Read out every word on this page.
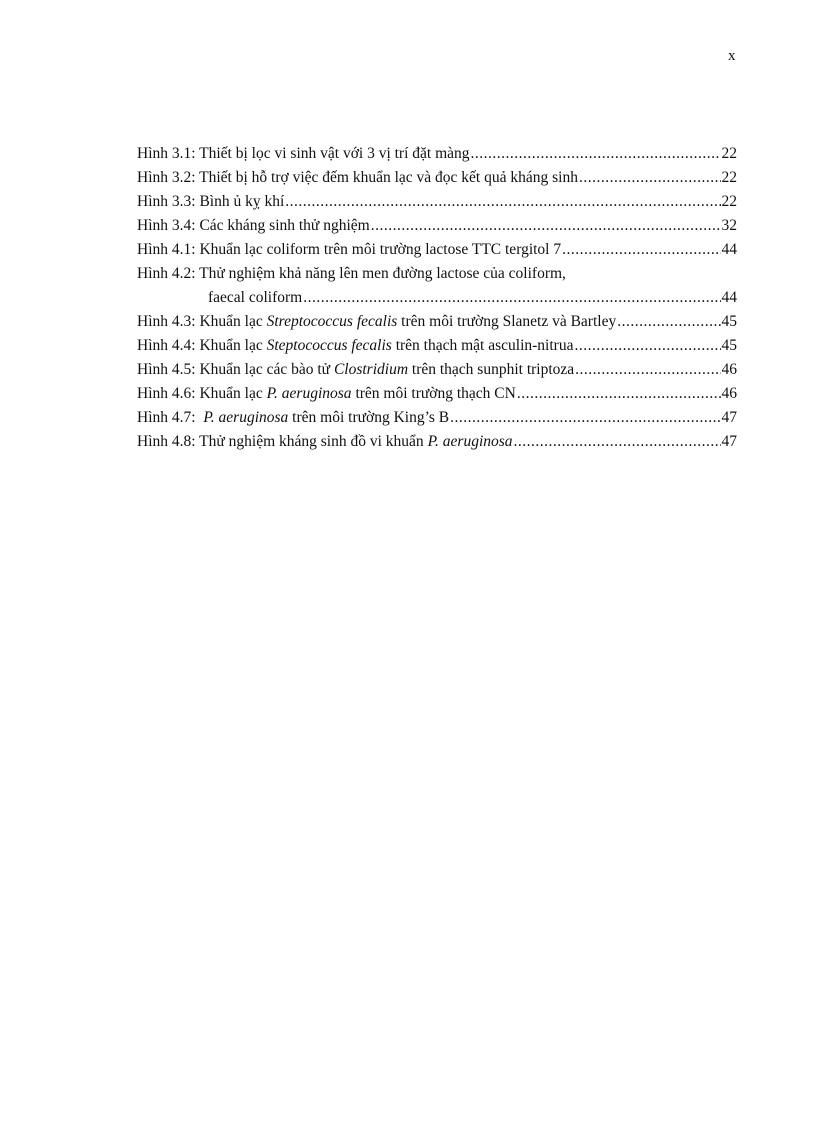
x
Hình 3.1: Thiết bị lọc vi sinh vật với 3 vị trí đặt màng .....	22
Hình 3.2: Thiết bị hỗ trợ việc đếm khuẩn lạc và đọc kết quả kháng sinh .....	22
Hình 3.3: Bình ủ kỵ khí .....	22
Hình 3.4: Các kháng sinh thử nghiệm .....	32
Hình 4.1: Khuẩn lạc coliform trên môi trường lactose TTC tergitol 7 .....	44
Hình 4.2: Thử nghiệm khả năng lên men đường lactose của coliform,
faecal coliform .....	44
Hình 4.3: Khuẩn lạc Streptococcus fecalis trên môi trường Slanetz và Bartley .....	45
Hình 4.4: Khuẩn lạc Steptococcus fecalis trên thạch mật asculin-nitrua .....	45
Hình 4.5: Khuẩn lạc các bào tử Clostridium trên thạch sunphit triptoza .....	46
Hình 4.6: Khuẩn lạc P. aeruginosa trên môi trường thạch CN .....	46
Hình 4.7: P. aeruginosa trên môi trường King’s B .....	47
Hình 4.8: Thử nghiệm kháng sinh đồ vi khuẩn P. aeruginosa .....	47
